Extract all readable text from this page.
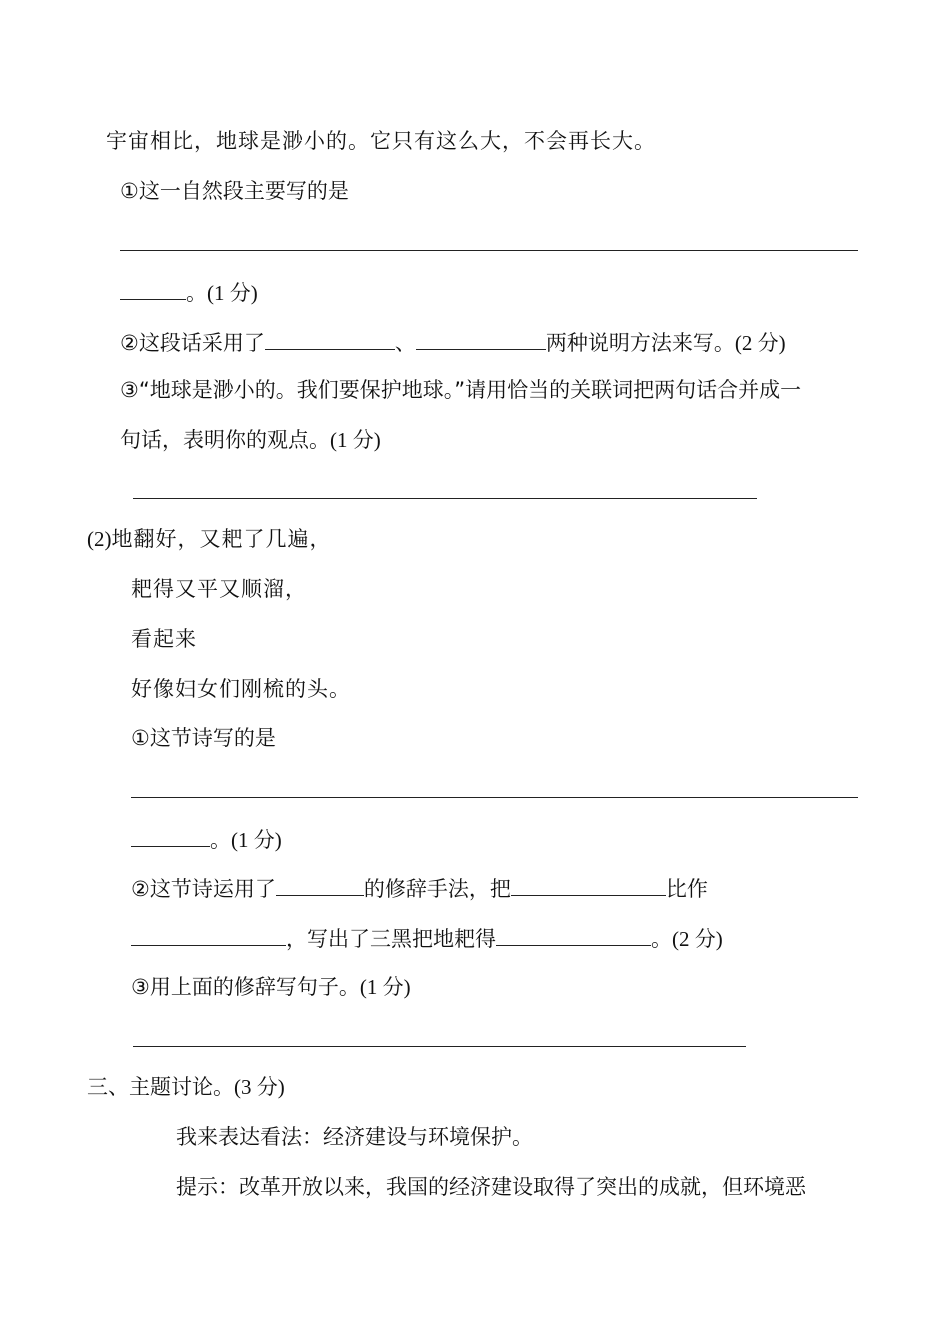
宇宙相比，地球是渺小的。它只有这么大，不会再长大。
①这一自然段主要写的是
。(1 分)
②这段话采用了	、	两种说明方法来写。(2 分)
③“地球是渺小的。我们要保护地球。”请用恰当的关联词把两句话合并成一
句话，表明你的观点。(1 分)
(2)地翻好，又耙了几遍，
耙得又平又顺溜，
看起来
好像妇女们刚梳的头。
①这节诗写的是
。(1 分)
②这节诗运用了	的修辞手法，把	比作
，写出了三黑把地耙得	。(2 分)
③用上面的修辞写句子。(1 分)
三、主题讨论。(3 分)
我来表达看法：经济建设与环境保护。
提示：改革开放以来，我国的经济建设取得了突出的成就，但环境恶
